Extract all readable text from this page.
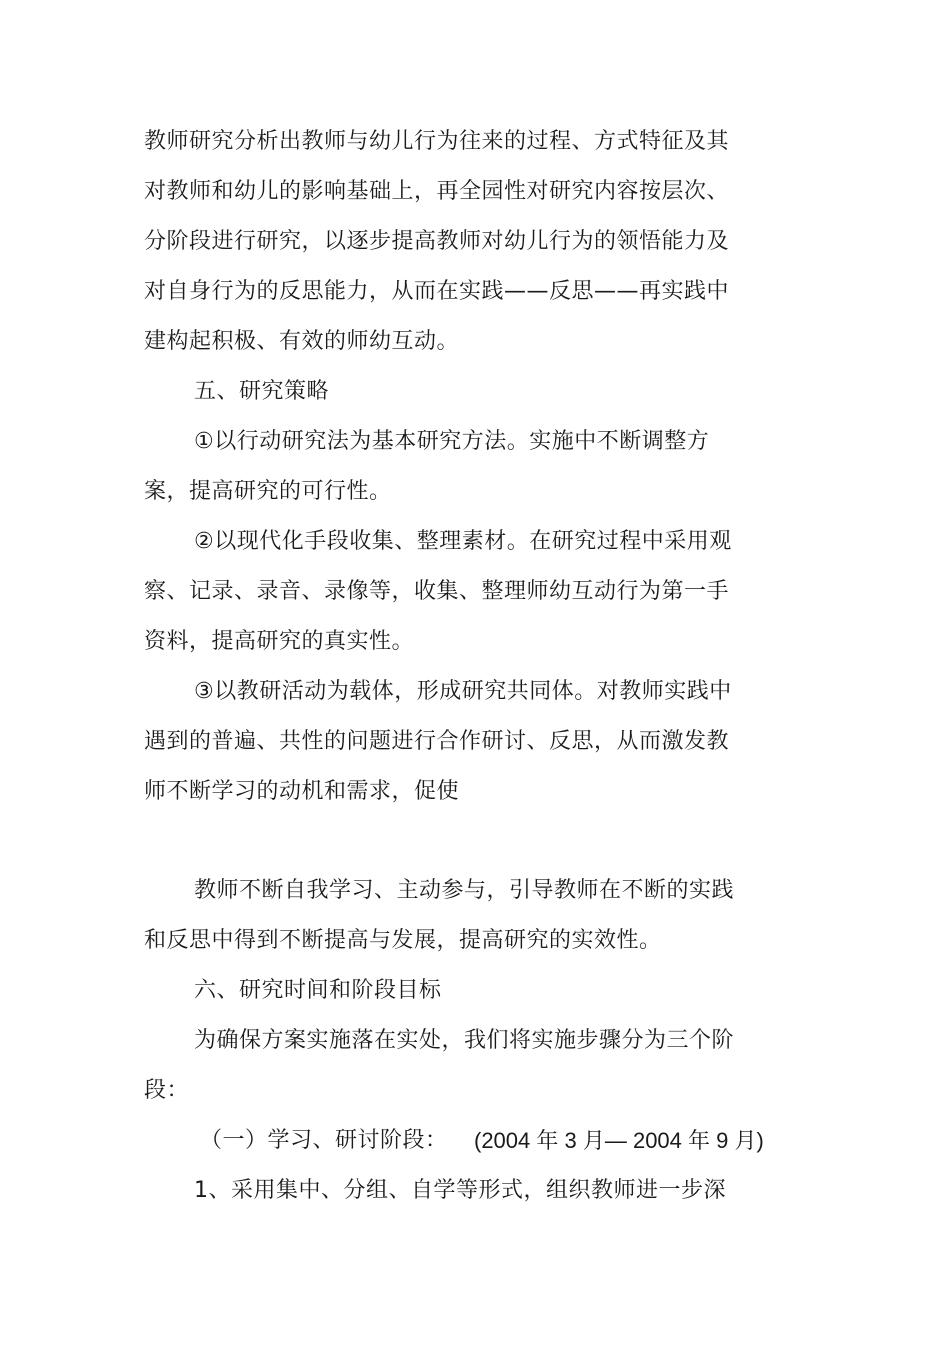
教师研究分析出教师与幼儿行为往来的过程、方式特征及其
对教师和幼儿的影响基础上，再全园性对研究内容按层次、
分阶段进行研究，以逐步提高教师对幼儿行为的领悟能力及
对自身行为的反思能力，从而在实践——反思——再实践中
建构起积极、有效的师幼互动。
五、研究策略
①以行动研究法为基本研究方法。实施中不断调整方
案，提高研究的可行性。
②以现代化手段收集、整理素材。在研究过程中采用观
察、记录、录音、录像等，收集、整理师幼互动行为第一手
资料，提高研究的真实性。
③以教研活动为载体，形成研究共同体。对教师实践中
遇到的普遍、共性的问题进行合作研讨、反思，从而激发教
师不断学习的动机和需求，促使
教师不断自我学习、主动参与，引导教师在不断的实践
和反思中得到不断提高与发展，提高研究的实效性。
六、研究时间和阶段目标
为确保方案实施落在实处，我们将实施步骤分为三个阶
段：
（一）学习、研讨阶段： (2004 年 3 月— 2004 年 9 月)
1、采用集中、分组、自学等形式，组织教师进一步深
